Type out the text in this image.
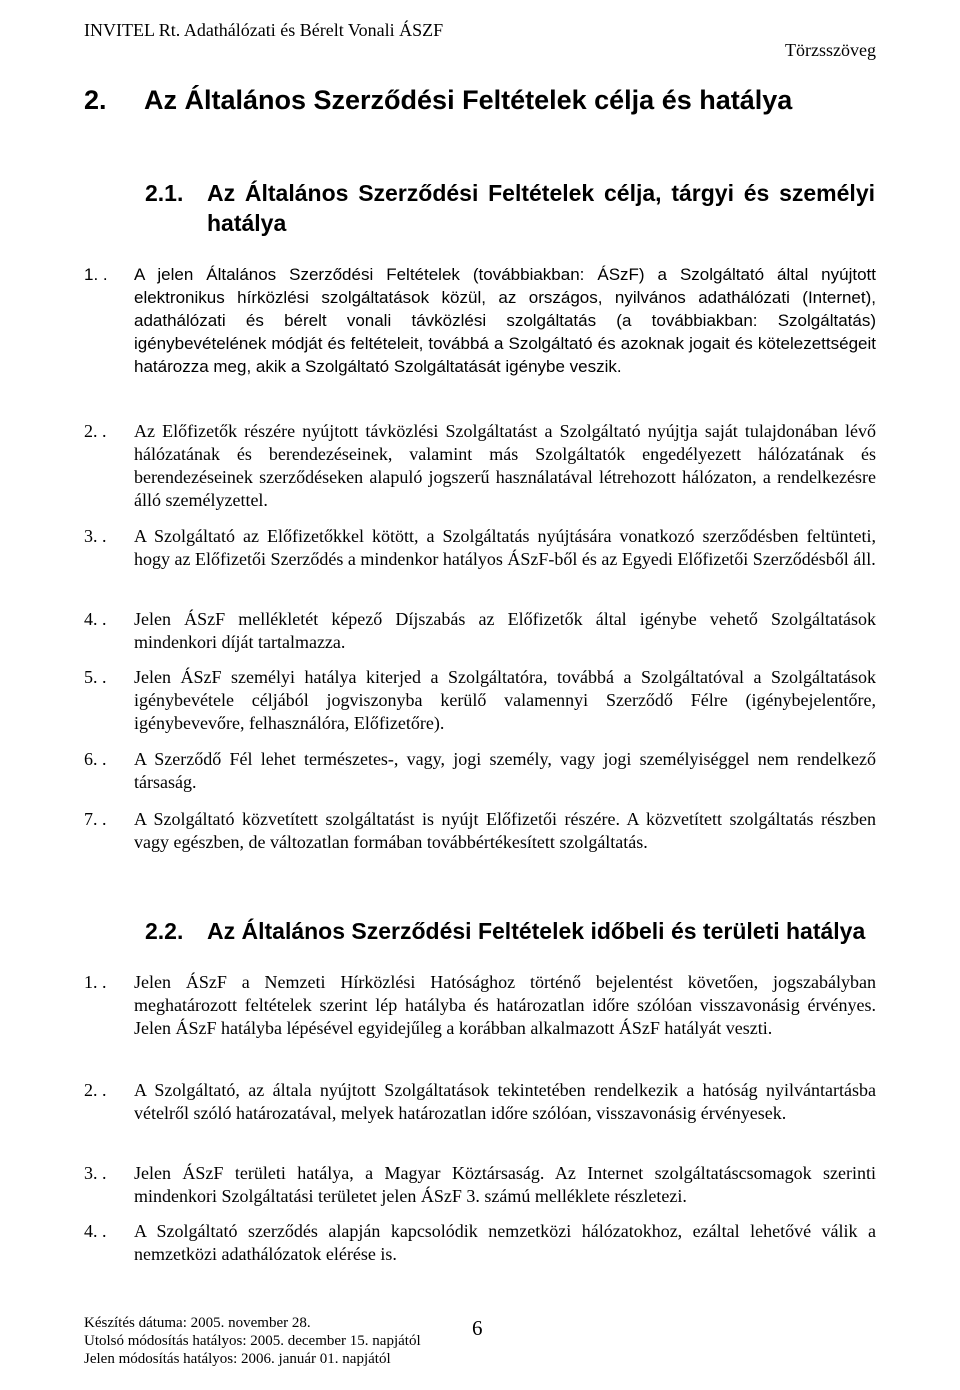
INVITEL Rt. Adathálózati és Bérelt Vonali ÁSZF
Törzsszöveg
2. Az Általános Szerződési Feltételek célja és hatálya
2.1. Az Általános Szerződési Feltételek célja, tárgyi és személyi
hatálya
1. . A jelen Általános Szerződési Feltételek (továbbiakban: ÁSzF) a Szolgáltató által nyújtott elektronikus hírközlési szolgáltatások közül, az országos, nyilvános adathálózati (Internet), adathálózati és bérelt vonali távközlési szolgáltatás (a továbbiakban: Szolgáltatás) igénybevételének módját és feltételeit, továbbá a Szolgáltató és azoknak jogait és kötelezettségeit határozza meg, akik a Szolgáltató Szolgáltatását igénybe veszik.
2. . Az Előfizetők részére nyújtott távközlési Szolgáltatást a Szolgáltató nyújtja saját tulajdonában lévő hálózatának és berendezéseinek, valamint más Szolgáltatók engedélyezett hálózatának és berendezéseinek szerződéseken alapuló jogszerű használatával létrehozott hálózaton, a rendelkezésre álló személyzettel.
3. . A Szolgáltató az Előfizetőkkel kötött, a Szolgáltatás nyújtására vonatkozó szerződésben feltünteti, hogy az Előfizetői Szerződés a mindenkor hatályos ÁSzF-ből és az Egyedi Előfizetői Szerződésből áll.
4. . Jelen ÁSzF mellékletét képező Díjszabás az Előfizetők által igénybe vehető Szolgáltatások mindenkori díját tartalmazza.
5. . Jelen ÁSzF személyi hatálya kiterjed a Szolgáltatóra, továbbá a Szolgáltatóval a Szolgáltatások igénybevétele céljából jogviszonyba kerülő valamennyi Szerződő Félre (igénybejelentőre, igénybevevőre, felhasználóra, Előfizetőre).
6. . A Szerződő Fél lehet természetes-, vagy, jogi személy, vagy jogi személyiséggel nem rendelkező társaság.
7. . A Szolgáltató közvetített szolgáltatást is nyújt Előfizetői részére. A közvetített szolgáltatás részben vagy egészben, de változatlan formában továbbértékesített szolgáltatás.
2.2. Az Általános Szerződési Feltételek időbeli és területi hatálya
1. . Jelen ÁSzF a Nemzeti Hírközlési Hatósághoz történő bejelentést követően, jogszabályban meghatározott feltételek szerint lép hatályba és határozatlan időre szólóan visszavonásig érvényes. Jelen ÁSzF hatályba lépésével egyidejűleg a korábban alkalmazott ÁSzF hatályát veszti.
2. . A Szolgáltató, az általa nyújtott Szolgáltatások tekintetében rendelkezik a hatóság nyilvántartásba vételről szóló határozatával, melyek határozatlan időre szólóan, visszavonásig érvényesek.
3. . Jelen ÁSzF területi hatálya, a Magyar Köztársaság. Az Internet szolgáltatáscsomagok szerinti mindenkori Szolgáltatási területet jelen ÁSzF 3. számú melléklete részletezi.
4. . A Szolgáltató szerződés alapján kapcsolódik nemzetközi hálózatokhoz, ezáltal lehetővé válik a nemzetközi adathálózatok elérése is.
Készítés dátuma: 2005. november 28.
Utolsó módosítás hatályos: 2005. december 15. napjától
Jelen módosítás hatályos: 2006. január 01. napjától
6
